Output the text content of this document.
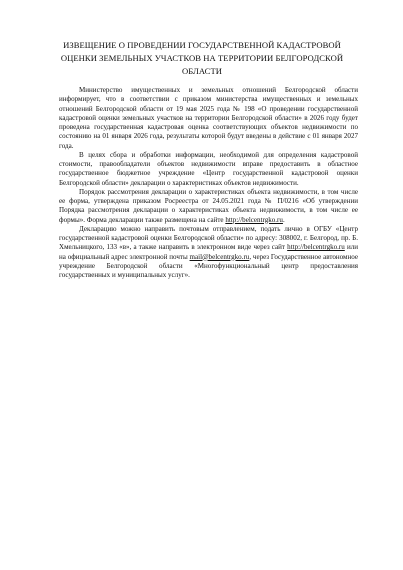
ИЗВЕЩЕНИЕ О ПРОВЕДЕНИИ ГОСУДАРСТВЕННОЙ КАДАСТРОВОЙ ОЦЕНКИ ЗЕМЕЛЬНЫХ УЧАСТКОВ НА ТЕРРИТОРИИ БЕЛГОРОДСКОЙ ОБЛАСТИ

Министерство имущественных и земельных отношений Белгородской области информирует, что в соответствии с приказом министерства имущественных и земельных отношений Белгородской области от 19 мая 2025 года № 198 «О проведении государственной кадастровой оценки земельных участков на территории Белгородской области» в 2026 году будет проведена государственная кадастровая оценка соответствующих объектов недвижимости по состоянию на 01 января 2026 года, результаты которой будут введены в действие с 01 января 2027 года.

В целях сбора и обработки информации, необходимой для определения кадастровой стоимости, правообладатели объектов недвижимости вправе предоставить в областное государственное бюджетное учреждение «Центр государственной кадастровой оценки Белгородской области» декларации о характеристиках объектов недвижимости.

Порядок рассмотрения декларации о характеристиках объекта недвижимости, в том числе ее форма, утверждена приказом Росреестра от 24.05.2021 года № П/0216 «Об утверждении Порядка рассмотрения декларации о характеристиках объекта недвижимости, в том числе ее формы». Форма декларации также размещена на сайте http://belcentrgko.ru.

Декларацию можно направить почтовым отправлением, подать лично в ОГБУ «Центр государственной кадастровой оценки Белгородской области» по адресу: 308002, г. Белгород, пр. Б. Хмельницкого, 133 «в», а также направить в электронном виде через сайт http://belcentrgko.ru или на официальный адрес электронной почты mail@belcentrgko.ru, через Государственное автономное учреждение Белгородской области «Многофункциональный центр предоставления государственных и муниципальных услуг».
